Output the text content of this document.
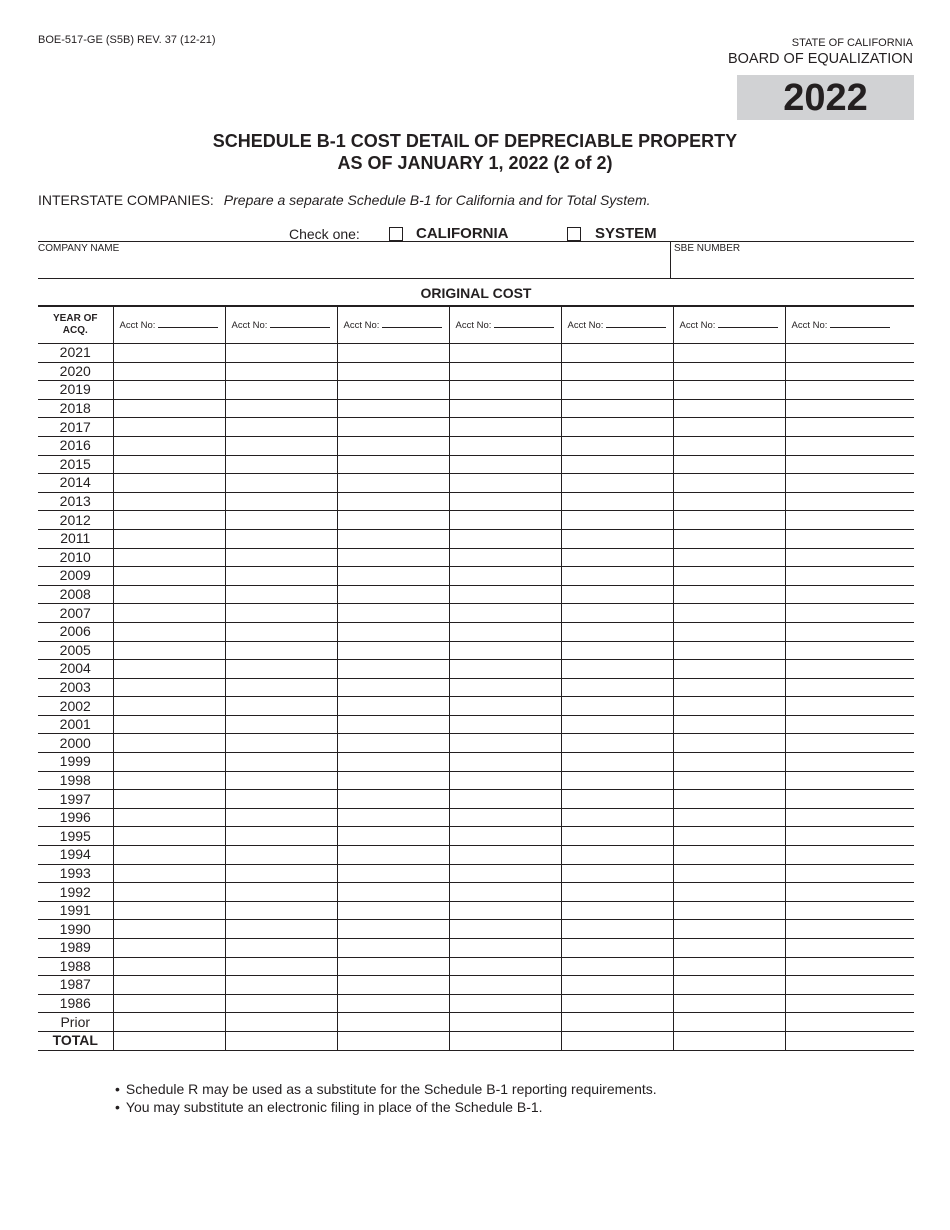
BOE-517-GE (S5B) REV. 37 (12-21)	STATE OF CALIFORNIA
BOARD OF EQUALIZATION
2022
SCHEDULE B-1 COST DETAIL OF DEPRECIABLE PROPERTY
AS OF JANUARY 1, 2022 (2 of 2)
INTERSTATE COMPANIES: Prepare a separate Schedule B-1 for California and for Total System.
Check one:	CALIFORNIA	SYSTEM
COMPANY NAME	SBE NUMBER
ORIGINAL COST
YEAR OF
ACQ.	Acct No:	Acct No:	Acct No:	Acct No:	Acct No:	Acct No:	Acct No:
2021							
2020							
2019							
2018							
2017							
2016							
2015							
2014							
2013							
2012							
2011							
2010							
2009							
2008							
2007							
2006							
2005							
2004							
2003							
2002							
2001							
2000							
1999							
1998							
1997							
1996							
1995							
1994							
1993							
1992							
1991							
1990							
1989							
1988							
1987							
1986							
Prior							
TOTAL							
• Schedule R may be used as a substitute for the Schedule B-1 reporting requirements.
• You may substitute an electronic filing in place of the Schedule B-1.
